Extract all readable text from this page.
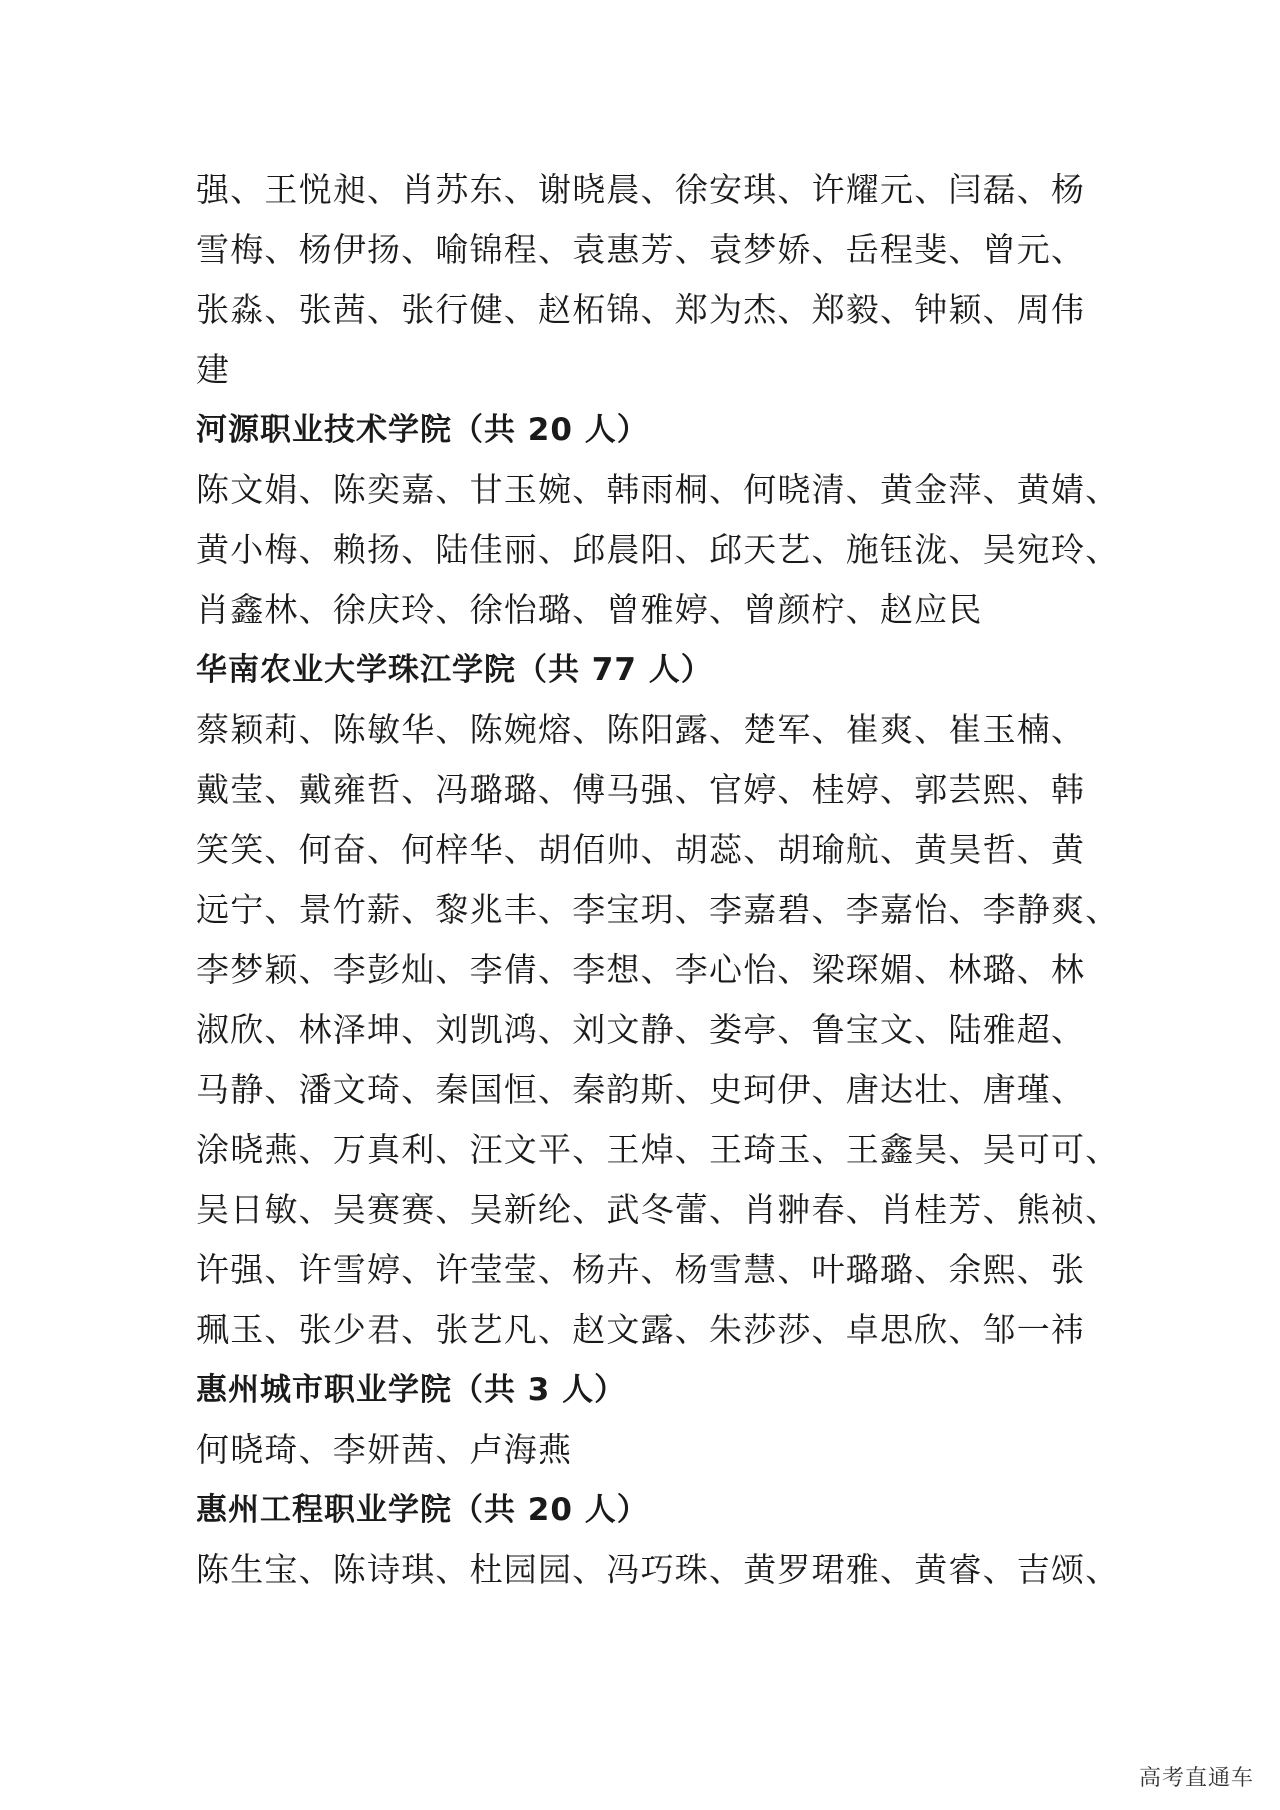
强、王悦昶、肖苏东、谢晓晨、徐安琪、许耀元、闫磊、杨
雪梅、杨伊扬、喻锦程、袁惠芳、袁梦娇、岳程斐、曾元、
张淼、张茜、张行健、赵柘锦、郑为杰、郑毅、钟颖、周伟
建
河源职业技术学院（共 20 人）
陈文娟、陈奕嘉、甘玉婉、韩雨桐、何晓清、黄金萍、黄婧、
黄小梅、赖扬、陆佳丽、邱晨阳、邱天艺、施钰泷、吴宛玲、
肖鑫林、徐庆玲、徐怡璐、曾雅婷、曾颜柠、赵应民
华南农业大学珠江学院（共 77 人）
蔡颖莉、陈敏华、陈婉熔、陈阳露、楚军、崔爽、崔玉楠、
戴莹、戴雍哲、冯璐璐、傅马强、官婷、桂婷、郭芸熙、韩
笑笑、何奋、何梓华、胡佰帅、胡蕊、胡瑜航、黄昊哲、黄
远宁、景竹薪、黎兆丰、李宝玥、李嘉碧、李嘉怡、李静爽、
李梦颖、李彭灿、李倩、李想、李心怡、梁琛媚、林璐、林
淑欣、林泽坤、刘凯鸿、刘文静、娄亭、鲁宝文、陆雅超、
马静、潘文琦、秦国恒、秦韵斯、史珂伊、唐达壮、唐瑾、
涂晓燕、万真利、汪文平、王焯、王琦玉、王鑫昊、吴可可、
吴日敏、吴赛赛、吴新纶、武冬蕾、肖翀春、肖桂芳、熊祯、
许强、许雪婷、许莹莹、杨卉、杨雪慧、叶璐璐、余熙、张
珮玉、张少君、张艺凡、赵文露、朱莎莎、卓思欣、邹一祎
惠州城市职业学院（共 3 人）
何晓琦、李妍茜、卢海燕
惠州工程职业学院（共 20 人）
陈生宝、陈诗琪、杜园园、冯巧珠、黄罗珺雅、黄睿、吉颂、
高考直通车
